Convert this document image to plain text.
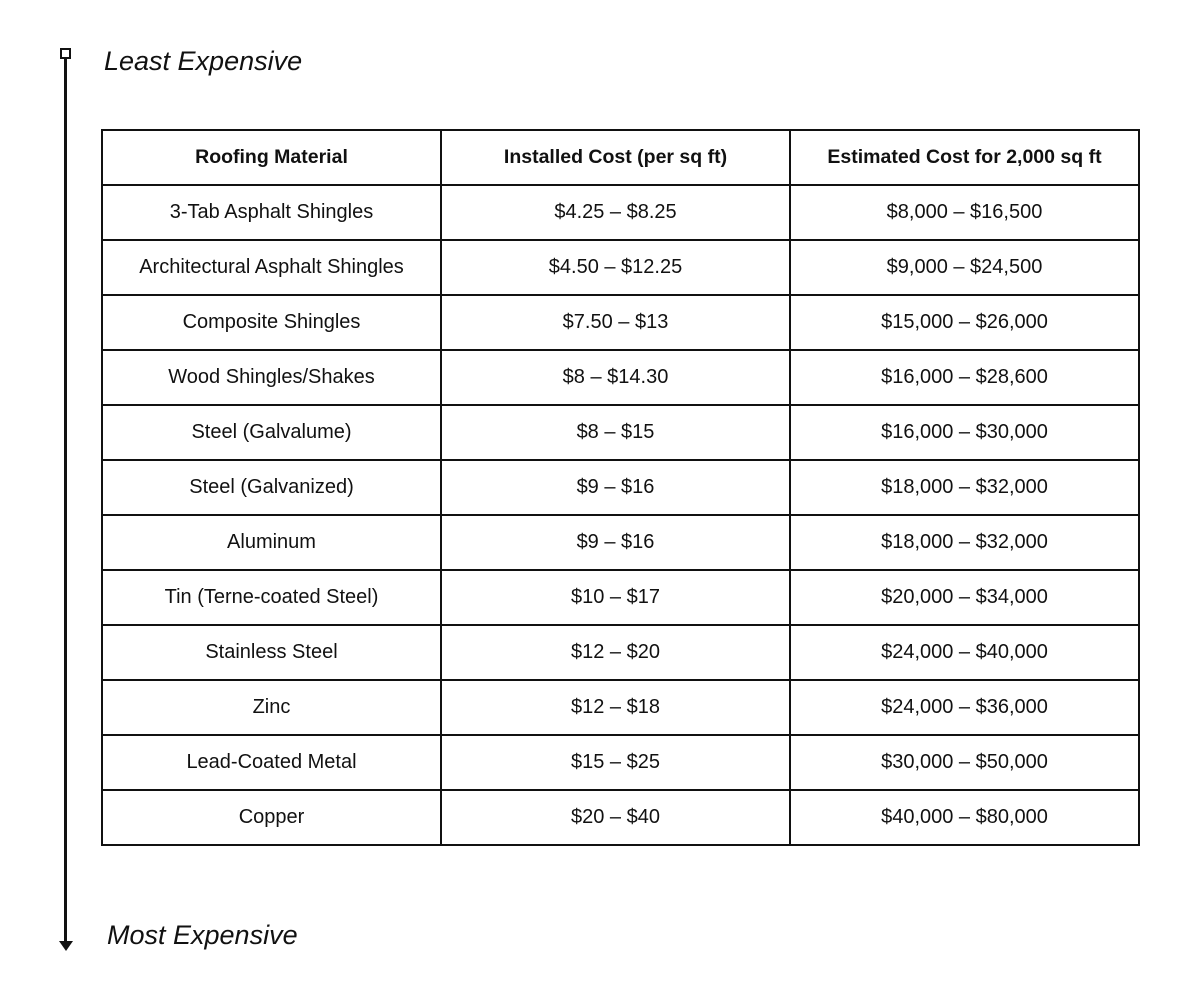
Least Expensive
Most Expensive
Roofing Material	Installed Cost (per sq ft)	Estimated Cost for 2,000 sq ft
3-Tab Asphalt Shingles	$4.25 – $8.25	$8,000 – $16,500
Architectural Asphalt Shingles	$4.50 – $12.25	$9,000 – $24,500
Composite Shingles	$7.50 – $13	$15,000 – $26,000
Wood Shingles/Shakes	$8 – $14.30	$16,000 – $28,600
Steel (Galvalume)	$8 – $15	$16,000 – $30,000
Steel (Galvanized)	$9 – $16	$18,000 – $32,000
Aluminum	$9 – $16	$18,000 – $32,000
Tin (Terne-coated Steel)	$10 – $17	$20,000 – $34,000
Stainless Steel	$12 – $20	$24,000 – $40,000
Zinc	$12 – $18	$24,000 – $36,000
Lead-Coated Metal	$15 – $25	$30,000 – $50,000
Copper	$20 – $40	$40,000 – $80,000
